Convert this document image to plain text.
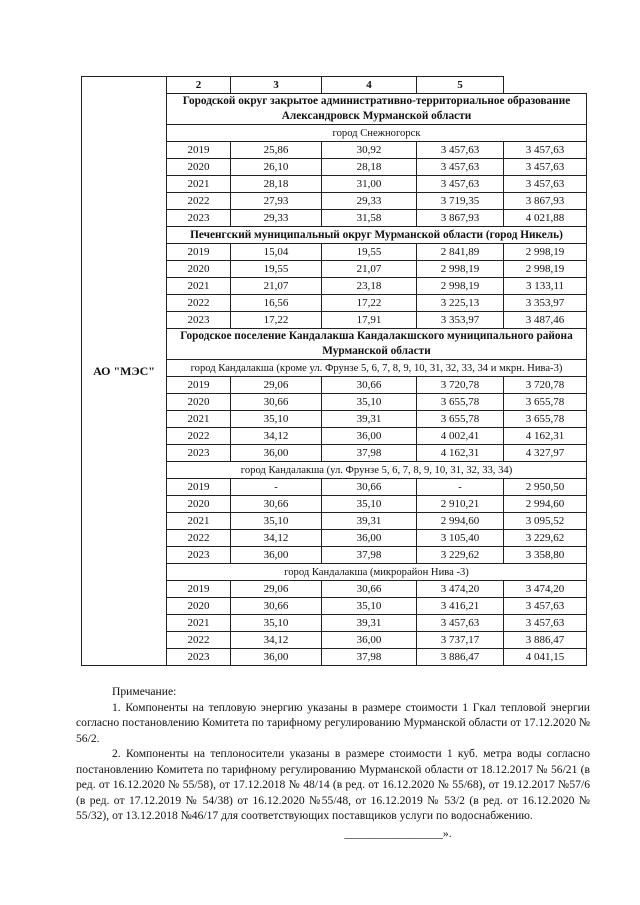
АО "МЭС"	2	3	4	5	
	Городской округ закрытое административно-территориальное образование Александровск Мурманской области				
	город Снежногорск				
	2019	25,86	30,92	3 457,63	3 457,63
	2020	26,10	28,18	3 457,63	3 457,63
	2021	28,18	31,00	3 457,63	3 457,63
	2022	27,93	29,33	3 719,35	3 867,93
	2023	29,33	31,58	3 867,93	4 021,88
	Печенгский муниципальный округ Мурманской области (город Никель)				
	2019	15,04	19,55	2 841,89	2 998,19
	2020	19,55	21,07	2 998,19	2 998,19
	2021	21,07	23,18	2 998,19	3 133,11
	2022	16,56	17,22	3 225,13	3 353,97
	2023	17,22	17,91	3 353,97	3 487,46
	Городское поселение Кандалакша Кандалакшского муниципального района Мурманской области				
	город Кандалакша (кроме ул. Фрунзе 5, 6, 7, 8, 9, 10, 31, 32, 33, 34 и мкрн. Нива-3)				
	2019	29,06	30,66	3 720,78	3 720,78
	2020	30,66	35,10	3 655,78	3 655,78
	2021	35,10	39,31	3 655,78	3 655,78
	2022	34,12	36,00	4 002,41	4 162,31
	2023	36,00	37,98	4 162,31	4 327,97
	город Кандалакша (ул. Фрунзе 5, 6, 7, 8, 9, 10, 31, 32, 33, 34)				
	2019	-	30,66	-	2 950,50
	2020	30,66	35,10	2 910,21	2 994,60
	2021	35,10	39,31	2 994,60	3 095,52
	2022	34,12	36,00	3 105,40	3 229,62
	2023	36,00	37,98	3 229,62	3 358,80
	город Кандалакша (микрорайон Нива -3)				
	2019	29,06	30,66	3 474,20	3 474,20
	2020	30,66	35,10	3 416,21	3 457,63
	2021	35,10	39,31	3 457,63	3 457,63
	2022	34,12	36,00	3 737,17	3 886,47
	2023	36,00	37,98	3 886,47	4 041,15

Примечание:

1. Компоненты на тепловую энергию указаны в размере стоимости 1 Гкал тепловой энергии согласно постановлению Комитета по тарифному регулированию Мурманской области от 17.12.2020 № 56/2.

2. Компоненты на теплоносители указаны в размере стоимости 1 куб. метра воды согласно постановлению Комитета по тарифному регулированию Мурманской области от 18.12.2017 № 56/21 (в ред. от 16.12.2020 № 55/58), от 17.12.2018 № 48/14 (в ред. от 16.12.2020 № 55/68), от 19.12.2017 №57/6 (в ред. от 17.12.2019 № 54/38) от 16.12.2020 №55/48, от 16.12.2019 № 53/2 (в ред. от 16.12.2020 № 55/32), от 13.12.2018 №46/17 для соответствующих поставщиков услуги по водоснабжению.

_________________».
